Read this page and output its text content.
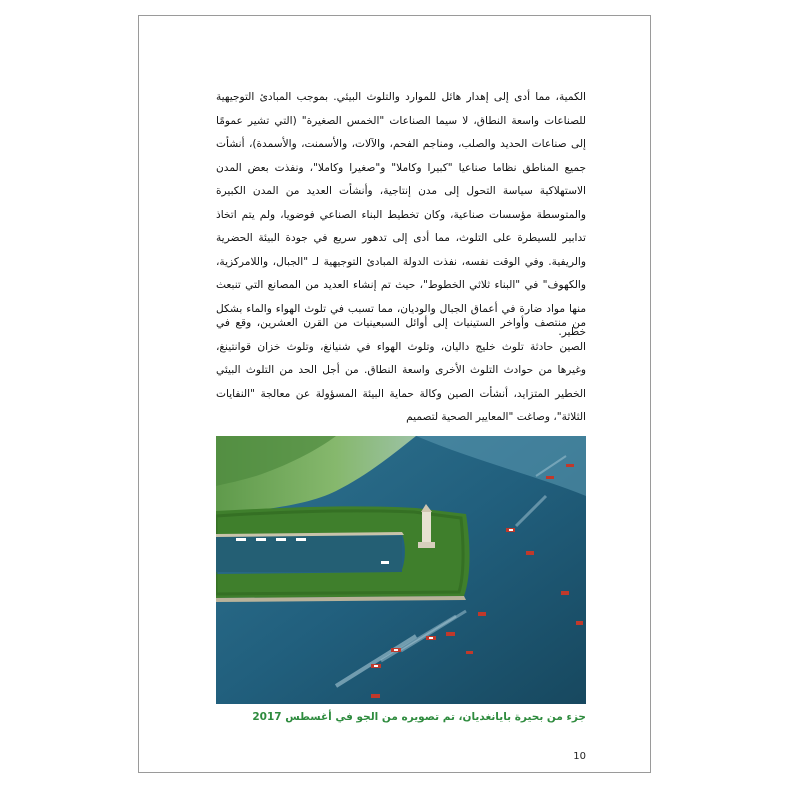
الكمية، مما أدى إلى إهدار هائل للموارد والتلوث البيئي. بموجب المبادئ التوجيهية للصناعات واسعة النطاق، لا سيما الصناعات "الخمس الصغيرة" (التي تشير عمومًا إلى صناعات الحديد والصلب، ومناجم الفحم، والآلات، والأسمنت، والأسمدة)، أنشأت جميع المناطق نظاما صناعيا "كبيرا وكاملا" و"صغيرا وكاملا"، ونفذت بعض المدن الاستهلاكية سياسة التحول إلى مدن إنتاجية، وأنشأت العديد من المدن الكبيرة والمتوسطة مؤسسات صناعية، وكان تخطيط البناء الصناعي فوضويا، ولم يتم اتخاذ تدابير للسيطرة على التلوث، مما أدى إلى تدهور سريع في جودة البيئة الحضرية والريفية. وفي الوقت نفسه، نفذت الدولة المبادئ التوجيهية لـ "الجبال، واللامركزية، والكهوف" في "البناء ثلاثي الخطوط"، حيث تم إنشاء العديد من المصانع التي تنبعث منها مواد ضارة في أعماق الجبال والوديان، مما تسبب في تلوث الهواء والماء بشكل خطير.

من منتصف وأواخر الستينيات إلى أوائل السبعينيات من القرن العشرين، وقع في الصين حادثة تلوث خليج داليان، وتلوث الهواء في شنيانغ، وتلوث خزان قوانتينغ، وغيرها من حوادث التلوث الأخرى واسعة النطاق. من أجل الحد من التلوث البيئي الخطير المتزايد، أنشأت الصين وكالة حماية البيئة المسؤولة عن معالجة "النفايات الثلاثة"، وصاغت "المعايير الصحية لتصميم

جزء من بحيرة بايانغديان، تم تصويره من الجو في أغسطس 2017
10
